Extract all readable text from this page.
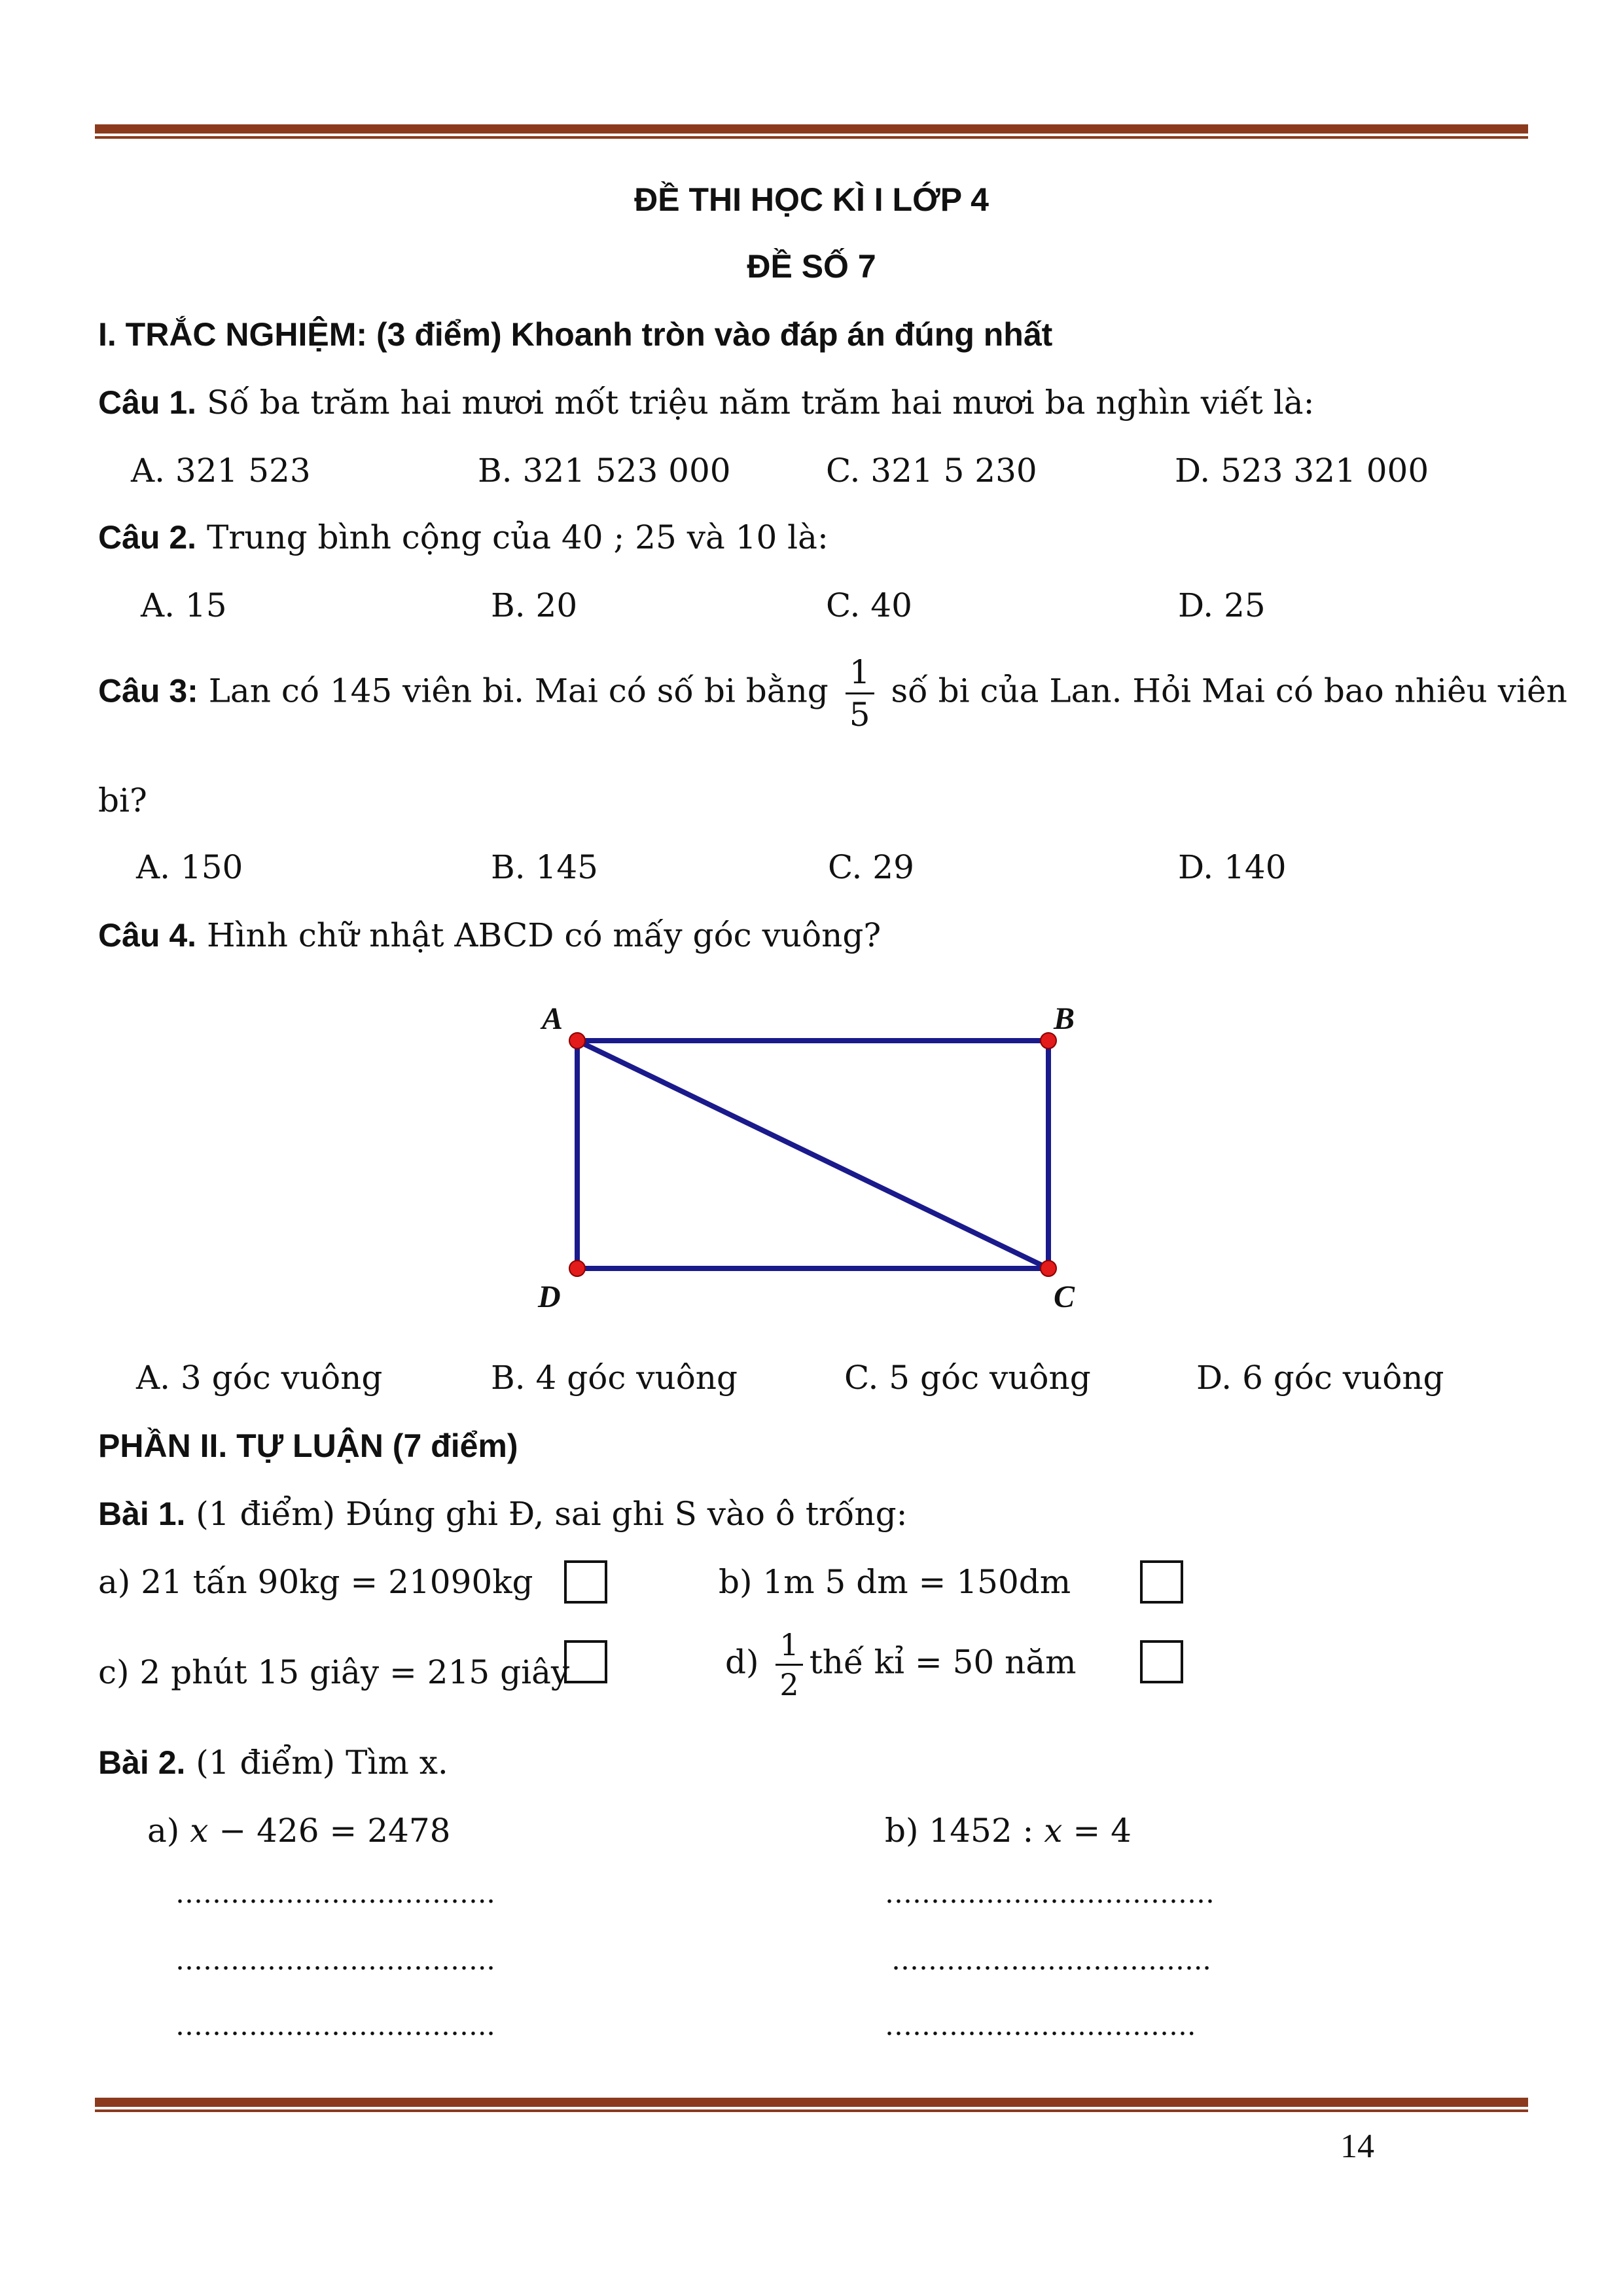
ĐỀ THI HỌC KÌ I LỚP 4
ĐỀ SỐ 7
I. TRẮC NGHIỆM: (3 điểm) Khoanh tròn vào đáp án đúng nhất
Câu 1. Số ba trăm hai mươi mốt triệu năm trăm hai mươi ba nghìn viết là:
A. 321 523	B. 321 523 000	C. 321 5 230	D. 523 321 000
Câu 2. Trung bình cộng của 40 ; 25 và 10 là:
A. 15	B. 20	C. 40	D. 25
Câu 3: Lan có 145 viên bi. Mai có số bi bằng $\frac{1}{5}$ số bi của Lan. Hỏi Mai có bao nhiêu viên
bi?
A. 150	B. 145	C. 29	D. 140
Câu 4. Hình chữ nhật ABCD có mấy góc vuông?
A	B
C
D
A. 3 góc vuông	B. 4 góc vuông	C. 5 góc vuông	D. 6 góc vuông
PHẦN II. TỰ LUẬN (7 điểm)
Bài 1. (1 điểm) Đúng ghi Đ, sai ghi S vào ô trống:
a) 21 tấn 90kg = 21090kg	b) 1m 5 dm = 150dm
c) 2 phút 15 giây = 215 giây	$d) \frac{1}{2}$ thế kỉ = 50 năm
Bài 2. (1 điểm) Tìm x.
a) x − 426 = 2478	b) 1452 : x = 4
……………………………..
……………………………..
……………………………..
………………………………
……………………………..
…………………………….
14
